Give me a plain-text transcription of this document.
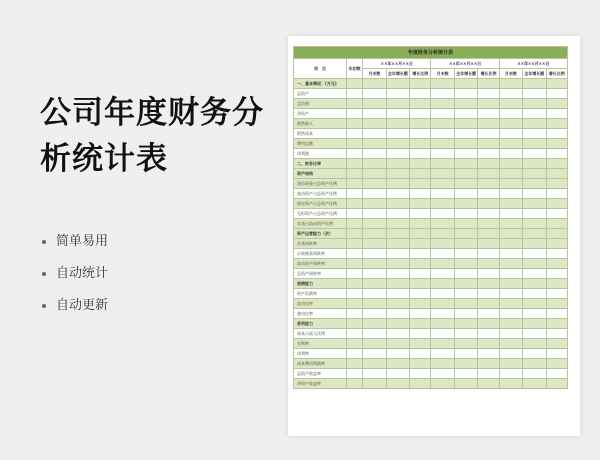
公司年度财务分
析统计表
简单易用
自动统计
自动更新
年度财务分析统计表										
项　目	年初数	××年××月××日			××年××月××日			××年××月××日		
		月末数	全年增长额	增长比例	月末数	全年增长额	增长比例	月末数	全年增长额	增长比例
一、基本情况：(万元)										
总资产										
总负债										
净资产										
销售收入										
销售成本										
费用总额										
净利润										
二、财务比率										
资产结构										
货币资金占总资产比例										
流动资产占总资产比例										
固定资产占总资产比例										
无形资产占总资产比例										
存货占流动资产比例										
资产运营能力（次）										
存货周转率										
应收账款周转率										
流动资产周转率										
总资产周转率										
偿债能力										
资产负债率										
流动比率										
速动比率										
获利能力										
成本占收入比例										
毛利率										
净利率										
成本费用利润率										
总资产收益率										
净资产收益率										
